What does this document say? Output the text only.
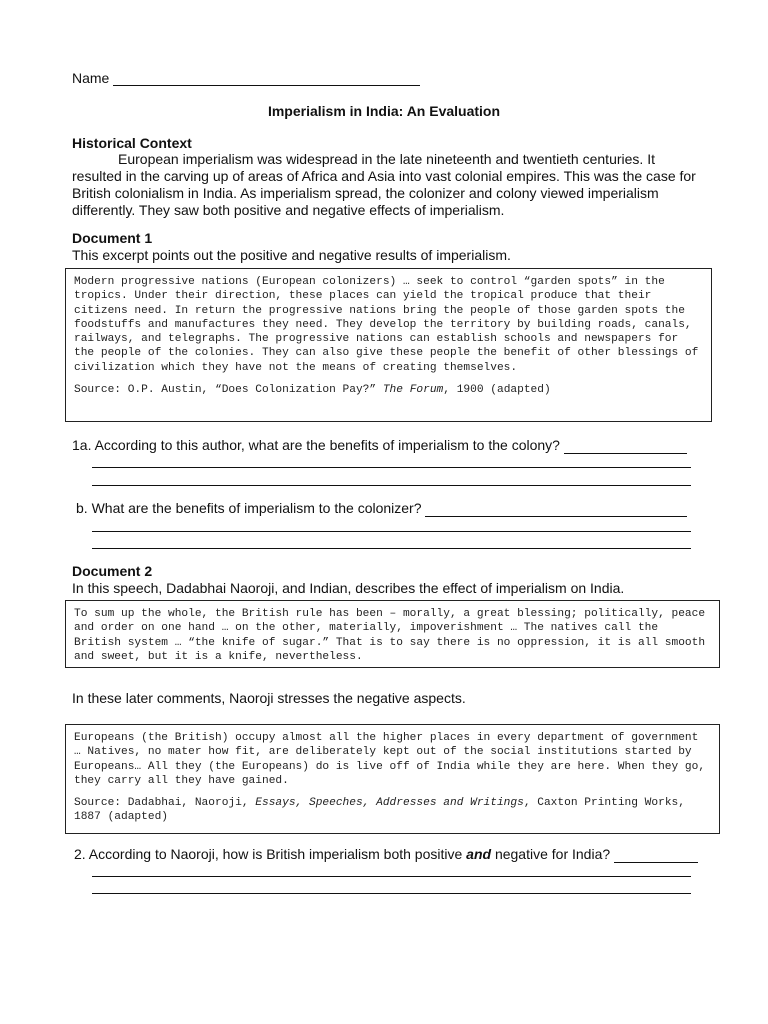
Name
Imperialism in India: An Evaluation
Historical Context
European imperialism was widespread in the late nineteenth and twentieth centuries. It resulted in the carving up of areas of Africa and Asia into vast colonial empires. This was the case for British colonialism in India. As imperialism spread, the colonizer and colony viewed imperialism differently. They saw both positive and negative effects of imperialism.
Document 1
This excerpt points out the positive and negative results of imperialism.
Modern progressive nations (European colonizers) … seek to control “garden spots” in the tropics. Under their direction, these places can yield the tropical produce that their citizens need. In return the progressive nations bring the people of those garden spots the foodstuffs and manufactures they need. They develop the territory by building roads, canals, railways, and telegraphs. The progressive nations can establish schools and newspapers for the people of the colonies. They can also give these people the benefit of other blessings of civilization which they have not the means of creating themselves.
Source: O.P. Austin, “Does Colonization Pay?” The Forum, 1900 (adapted)
1a. According to this author, what are the benefits of imperialism to the colony?
b. What are the benefits of imperialism to the colonizer?
Document 2
In this speech, Dadabhai Naoroji, and Indian, describes the effect of imperialism on India.
To sum up the whole, the British rule has been – morally, a great blessing; politically, peace and order on one hand … on the other, materially, impoverishment … The natives call the British system … “the knife of sugar.” That is to say there is no oppression, it is all smooth and sweet, but it is a knife, nevertheless.
In these later comments, Naoroji stresses the negative aspects.
Europeans (the British) occupy almost all the higher places in every department of government … Natives, no mater how fit, are deliberately kept out of the social institutions started by Europeans… All they (the Europeans) do is live off of India while they are here. When they go, they carry all they have gained.
Source: Dadabhai, Naoroji, Essays, Speeches, Addresses and Writings, Caxton Printing Works, 1887 (adapted)
2. According to Naoroji, how is British imperialism both positive and negative for India?
